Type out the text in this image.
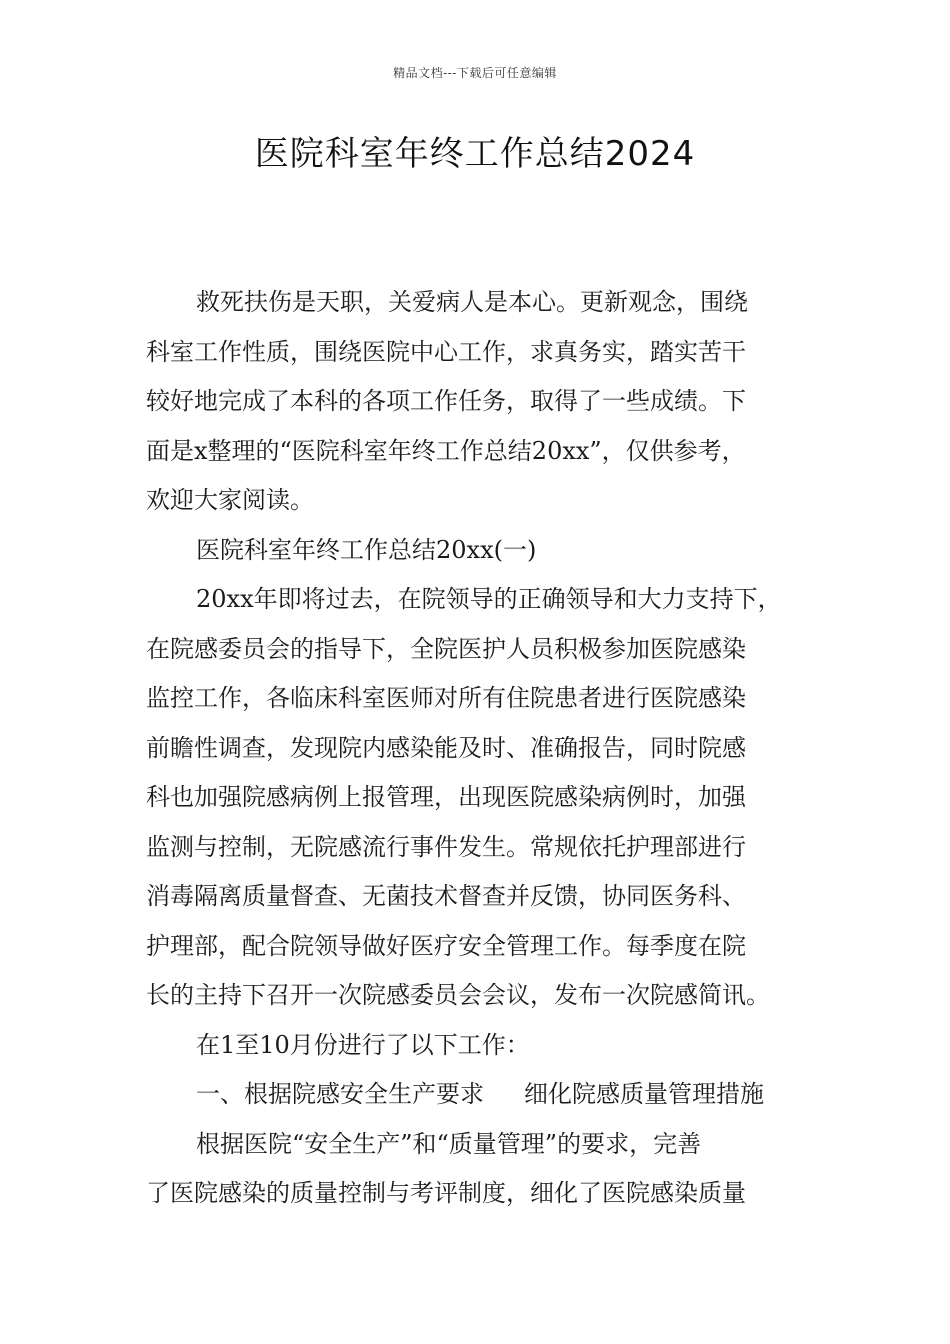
精品文档---下载后可任意编辑
医院科室年终工作总结2024
救死扶伤是天职，关爱病人是本心。更新观念，围绕
科室工作性质，围绕医院中心工作，求真务实，踏实苦干
较好地完成了本科的各项工作任务，取得了一些成绩。下
面是x整理的“医院科室年终工作总结20xx”，仅供参考，
欢迎大家阅读。
医院科室年终工作总结20xx(一)
20xx年即将过去，在院领导的正确领导和大力支持下，
在院感委员会的指导下，全院医护人员积极参加医院感染
监控工作，各临床科室医师对所有住院患者进行医院感染
前瞻性调查，发现院内感染能及时、准确报告，同时院感
科也加强院感病例上报管理，出现医院感染病例时，加强
监测与控制，无院感流行事件发生。常规依托护理部进行
消毒隔离质量督查、无菌技术督查并反馈，协同医务科、
护理部，配合院领导做好医疗安全管理工作。每季度在院
长的主持下召开一次院感委员会会议，发布一次院感简讯。
在1至10月份进行了以下工作：
一、根据院感安全生产要求 细化院感质量管理措施
根据医院“安全生产”和“质量管理”的要求，完善
了医院感染的质量控制与考评制度，细化了医院感染质量
